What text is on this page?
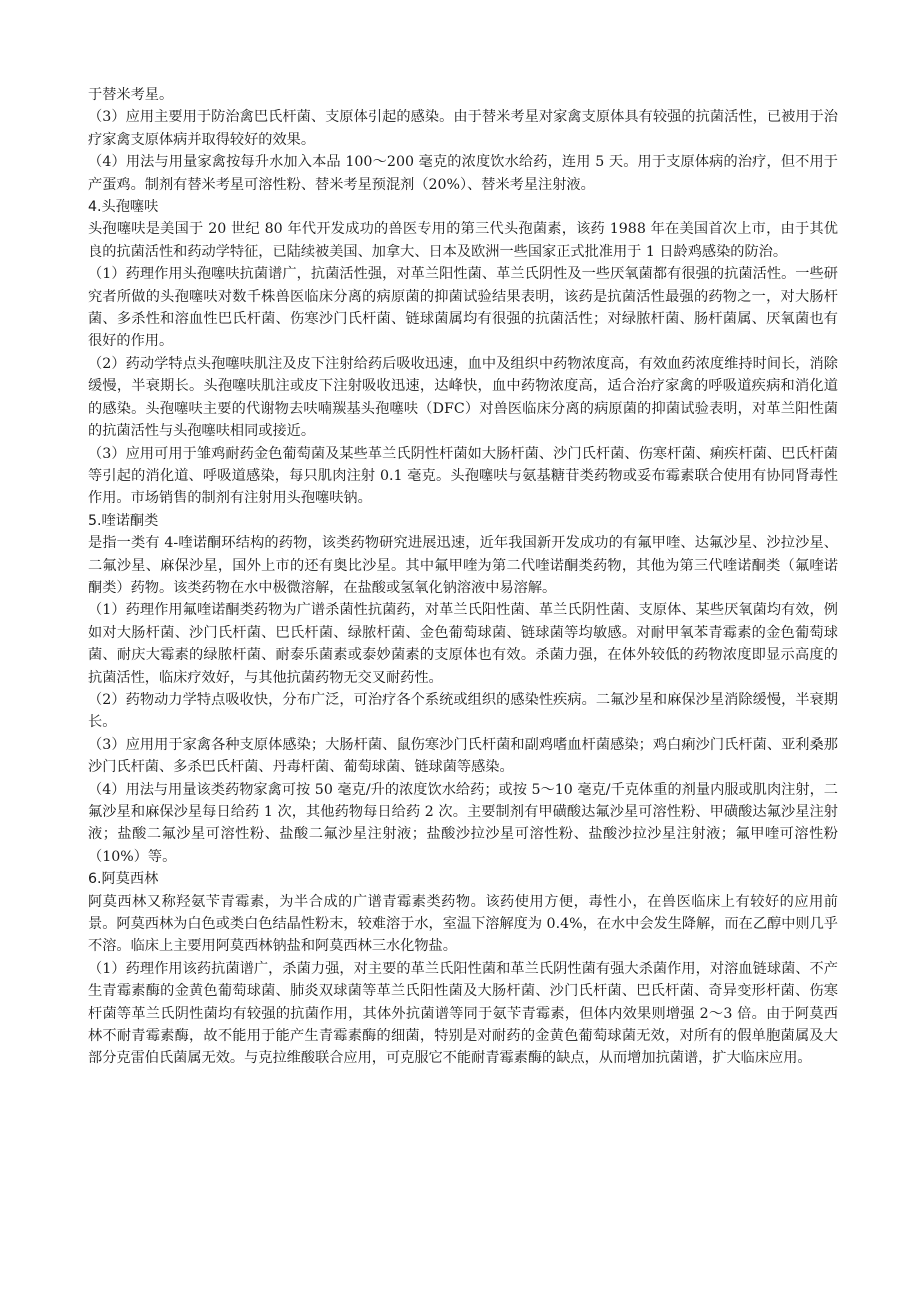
于替米考星。

（3）应用主要用于防治禽巴氏杆菌、支原体引起的感染。由于替米考星对家禽支原体具有较强的抗菌活性，已被用于治疗家禽支原体病并取得较好的效果。

（4）用法与用量家禽按每升水加入本品 100～200 毫克的浓度饮水给药，连用 5 天。用于支原体病的治疗，但不用于产蛋鸡。制剂有替米考星可溶性粉、替米考星预混剂（20%）、替米考星注射液。

4.头孢噻呋

头孢噻呋是美国于 20 世纪 80 年代开发成功的兽医专用的第三代头孢菌素，该药 1988 年在美国首次上市，由于其优良的抗菌活性和药动学特征，已陆续被美国、加拿大、日本及欧洲一些国家正式批准用于 1 日龄鸡感染的防治。

（1）药理作用头孢噻呋抗菌谱广，抗菌活性强，对革兰阳性菌、革兰氏阴性及一些厌氧菌都有很强的抗菌活性。一些研究者所做的头孢噻呋对数千株兽医临床分离的病原菌的抑菌试验结果表明，该药是抗菌活性最强的药物之一，对大肠杆菌、多杀性和溶血性巴氏杆菌、伤寒沙门氏杆菌、链球菌属均有很强的抗菌活性；对绿脓杆菌、肠杆菌属、厌氧菌也有很好的作用。

（2）药动学特点头孢噻呋肌注及皮下注射给药后吸收迅速，血中及组织中药物浓度高，有效血药浓度维持时间长，消除缓慢，半衰期长。头孢噻呋肌注或皮下注射吸收迅速，达峰快，血中药物浓度高，适合治疗家禽的呼吸道疾病和消化道的感染。头孢噻呋主要的代谢物去呋喃羰基头孢噻呋（DFC）对兽医临床分离的病原菌的抑菌试验表明，对革兰阳性菌的抗菌活性与头孢噻呋相同或接近。

（3）应用可用于雏鸡耐药金色葡萄菌及某些革兰氏阴性杆菌如大肠杆菌、沙门氏杆菌、伤寒杆菌、痢疾杆菌、巴氏杆菌等引起的消化道、呼吸道感染，每只肌肉注射 0.1 毫克。头孢噻呋与氨基糖苷类药物或妥布霉素联合使用有协同肾毒性作用。市场销售的制剂有注射用头孢噻呋钠。

5.喹诺酮类

是指一类有 4-喹诺酮环结构的药物，该类药物研究进展迅速，近年我国新开发成功的有氟甲喹、达氟沙星、沙拉沙星、二氟沙星、麻保沙星，国外上市的还有奥比沙星。其中氟甲喹为第二代喹诺酮类药物，其他为第三代喹诺酮类（氟喹诺酮类）药物。该类药物在水中极微溶解，在盐酸或氢氧化钠溶液中易溶解。

（1）药理作用氟喹诺酮类药物为广谱杀菌性抗菌药，对革兰氏阳性菌、革兰氏阴性菌、支原体、某些厌氧菌均有效，例如对大肠杆菌、沙门氏杆菌、巴氏杆菌、绿脓杆菌、金色葡萄球菌、链球菌等均敏感。对耐甲氧苯青霉素的金色葡萄球菌、耐庆大霉素的绿脓杆菌、耐泰乐菌素或泰妙菌素的支原体也有效。杀菌力强，在体外较低的药物浓度即显示高度的抗菌活性，临床疗效好，与其他抗菌药物无交叉耐药性。

（2）药物动力学特点吸收快，分布广泛，可治疗各个系统或组织的感染性疾病。二氟沙星和麻保沙星消除缓慢，半衰期长。

（3）应用用于家禽各种支原体感染；大肠杆菌、鼠伤寒沙门氏杆菌和副鸡嗜血杆菌感染；鸡白痢沙门氏杆菌、亚利桑那沙门氏杆菌、多杀巴氏杆菌、丹毒杆菌、葡萄球菌、链球菌等感染。

（4）用法与用量该类药物家禽可按 50 毫克/升的浓度饮水给药；或按 5～10 毫克/千克体重的剂量内服或肌肉注射，二氟沙星和麻保沙星每日给药 1 次，其他药物每日给药 2 次。主要制剂有甲磺酸达氟沙星可溶性粉、甲磺酸达氟沙星注射液；盐酸二氟沙星可溶性粉、盐酸二氟沙星注射液；盐酸沙拉沙星可溶性粉、盐酸沙拉沙星注射液；氟甲喹可溶性粉（10%）等。

6.阿莫西林

阿莫西林又称羟氨苄青霉素，为半合成的广谱青霉素类药物。该药使用方便，毒性小，在兽医临床上有较好的应用前景。阿莫西林为白色或类白色结晶性粉末，较难溶于水，室温下溶解度为 0.4%，在水中会发生降解，而在乙醇中则几乎不溶。临床上主要用阿莫西林钠盐和阿莫西林三水化物盐。

（1）药理作用该药抗菌谱广，杀菌力强，对主要的革兰氏阳性菌和革兰氏阴性菌有强大杀菌作用，对溶血链球菌、不产生青霉素酶的金黄色葡萄球菌、肺炎双球菌等革兰氏阳性菌及大肠杆菌、沙门氏杆菌、巴氏杆菌、奇异变形杆菌、伤寒杆菌等革兰氏阴性菌均有较强的抗菌作用，其体外抗菌谱等同于氨苄青霉素，但体内效果则增强 2～3 倍。由于阿莫西林不耐青霉素酶，故不能用于能产生青霉素酶的细菌，特别是对耐药的金黄色葡萄球菌无效，对所有的假单胞菌属及大部分克雷伯氏菌属无效。与克拉维酸联合应用，可克服它不能耐青霉素酶的缺点，从而增加抗菌谱，扩大临床应用。
